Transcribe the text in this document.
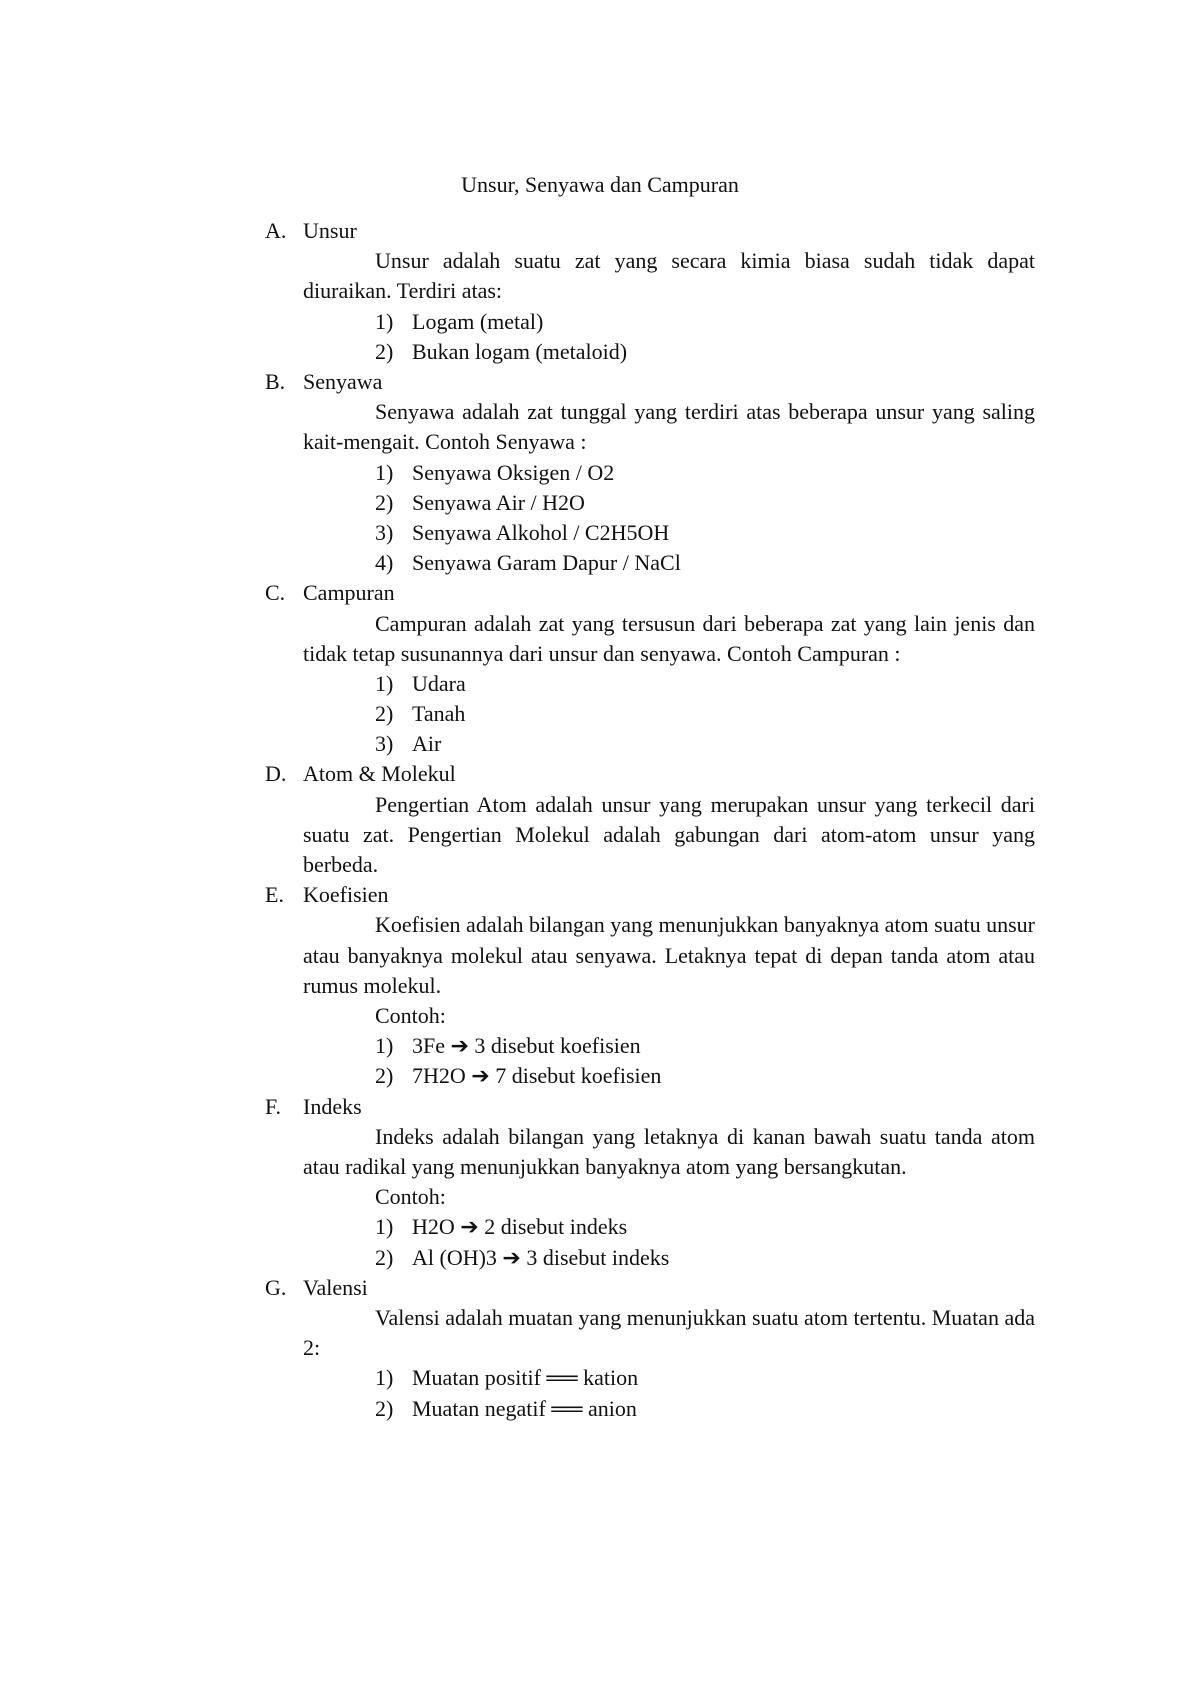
Unsur, Senyawa dan Campuran
A. Unsur

Unsur adalah suatu zat yang secara kimia biasa sudah tidak dapat diuraikan. Terdiri atas:

1) Logam (metal)
2) Bukan logam (metaloid)
B. Senyawa

Senyawa adalah zat tunggal yang terdiri atas beberapa unsur yang saling kait-mengait. Contoh Senyawa :

1) Senyawa Oksigen / O2
2) Senyawa Air / H2O
3) Senyawa Alkohol / C2H5OH
4) Senyawa Garam Dapur / NaCl
C. Campuran

Campuran adalah zat yang tersusun dari beberapa zat yang lain jenis dan tidak tetap susunannya dari unsur dan senyawa. Contoh Campuran :

1) Udara
2) Tanah
3) Air
D. Atom & Molekul

Pengertian Atom adalah unsur yang merupakan unsur yang terkecil dari suatu zat. Pengertian Molekul adalah gabungan dari atom-atom unsur yang berbeda.

E. Koefisien

Koefisien adalah bilangan yang menunjukkan banyaknya atom suatu unsur atau banyaknya molekul atau senyawa. Letaknya tepat di depan tanda atom atau rumus molekul.

Contoh:
1) 3Fe ➔ 3 disebut koefisien
2) 7H2O ➔ 7 disebut koefisien
F.	Indeks

Indeks adalah bilangan yang letaknya di kanan bawah suatu tanda atom atau radikal yang menunjukkan banyaknya atom yang bersangkutan.

Contoh:
1) H2O ➔ 2 disebut indeks
2) Al (OH)3 ➔ 3 disebut indeks
G. Valensi

Valensi adalah muatan yang menunjukkan suatu atom tertentu. Muatan ada 2:

1) Muatan positif ══ kation
2) Muatan negatif ══ anion
